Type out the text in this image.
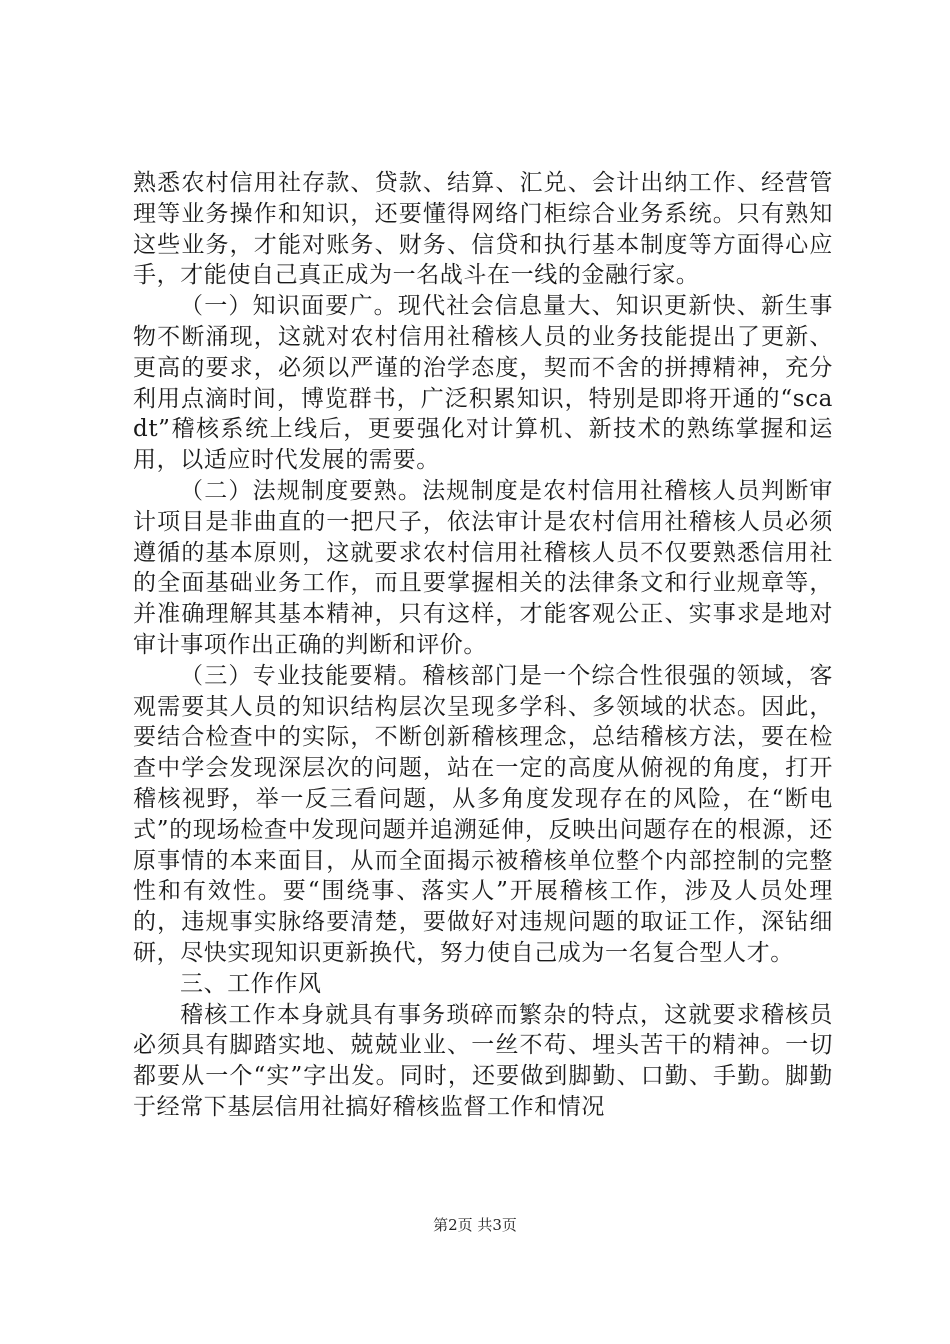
熟悉农村信用社存款、贷款、结算、汇兑、会计出纳工作、经营管理等业务操作和知识，还要懂得网络门柜综合业务系统。只有熟知这些业务，才能对账务、财务、信贷和执行基本制度等方面得心应手，才能使自己真正成为一名战斗在一线的金融行家。

（一）知识面要广。现代社会信息量大、知识更新快、新生事物不断涌现，这就对农村信用社稽核人员的业务技能提出了更新、更高的要求，必须以严谨的治学态度，契而不舍的拼搏精神，充分利用点滴时间，博览群书，广泛积累知识，特别是即将开通的“scadt”稽核系统上线后，更要强化对计算机、新技术的熟练掌握和运用，以适应时代发展的需要。

（二）法规制度要熟。法规制度是农村信用社稽核人员判断审计项目是非曲直的一把尺子，依法审计是农村信用社稽核人员必须遵循的基本原则，这就要求农村信用社稽核人员不仅要熟悉信用社的全面基础业务工作，而且要掌握相关的法律条文和行业规章等，并准确理解其基本精神，只有这样，才能客观公正、实事求是地对审计事项作出正确的判断和评价。

（三）专业技能要精。稽核部门是一个综合性很强的领域，客观需要其人员的知识结构层次呈现多学科、多领域的状态。因此，要结合检查中的实际，不断创新稽核理念，总结稽核方法，要在检查中学会发现深层次的问题，站在一定的高度从俯视的角度，打开稽核视野，举一反三看问题，从多角度发现存在的风险，在“断电式”的现场检查中发现问题并追溯延伸，反映出问题存在的根源，还原事情的本来面目，从而全面揭示被稽核单位整个内部控制的完整性和有效性。要“围绕事、落实人”开展稽核工作，涉及人员处理的，违规事实脉络要清楚，要做好对违规问题的取证工作，深钻细研，尽快实现知识更新换代，努力使自己成为一名复合型人才。

三、工作作风

稽核工作本身就具有事务琐碎而繁杂的特点，这就要求稽核员必须具有脚踏实地、兢兢业业、一丝不苟、埋头苦干的精神。一切都要从一个“实”字出发。同时，还要做到脚勤、口勤、手勤。脚勤于经常下基层信用社搞好稽核监督工作和情况

第2页 共3页
